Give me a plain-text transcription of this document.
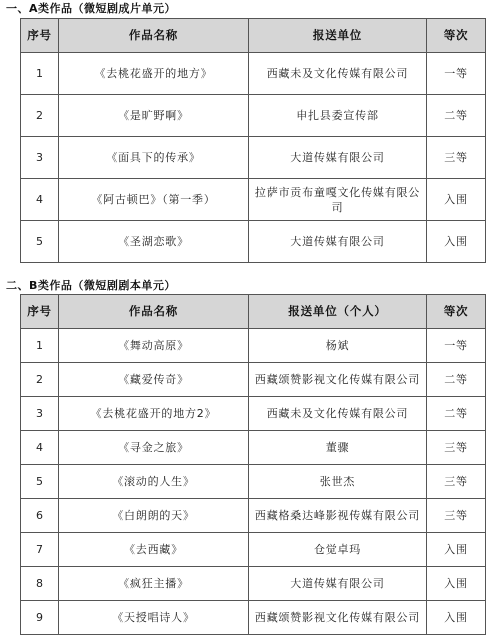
一、A类作品（微短剧成片单元）
序号	作品名称	报送单位	等次
1	《去桃花盛开的地方》	西藏未及文化传媒有限公司	一等
2	《是旷野啊》	申扎县委宣传部	二等
3	《面具下的传承》	大道传媒有限公司	三等
4	《阿古顿巴》（第一季）	拉萨市贡布童嘎文化传媒有限公司	入围
5	《圣湖恋歌》	大道传媒有限公司	入围
二、B类作品（微短剧剧本单元）
序号	作品名称	报送单位（个人）	等次
1	《舞动高原》	杨斌	一等
2	《藏爱传奇》	西藏颂赞影视文化传媒有限公司	二等
3	《去桃花盛开的地方2》	西藏未及文化传媒有限公司	二等
4	《寻金之旅》	董骤	三等
5	《滚动的人生》	张世杰	三等
6	《白朗朗的天》	西藏格桑达峰影视传媒有限公司	三等
7	《去西藏》	仓觉卓玛	入围
8	《疯狂主播》	大道传媒有限公司	入围
9	《天授唱诗人》	西藏颂赞影视文化传媒有限公司	入围
